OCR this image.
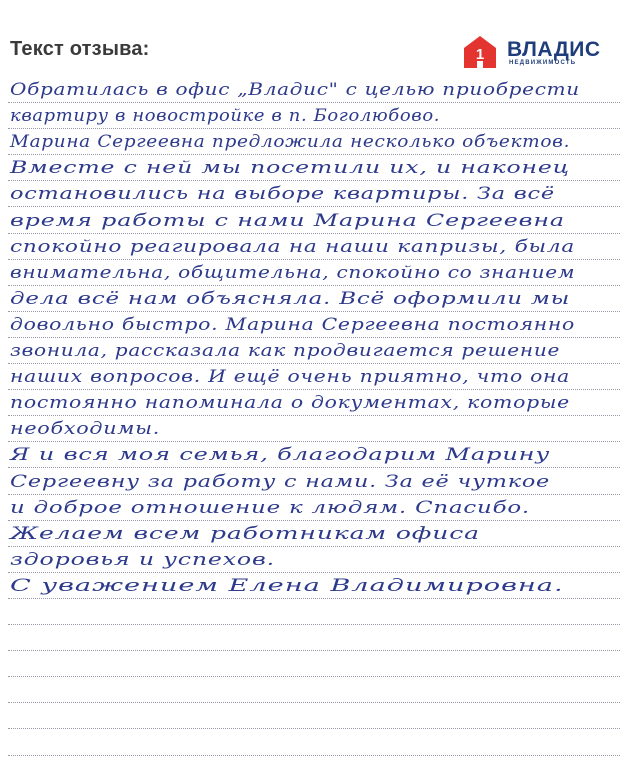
Текст отзыва:	1 ВЛАДИС
НЕДВИЖИМОСТЬ
Обратилась в офис „Владис" с целью приобрести
квартиру в новостройке в п. Боголюбово.
Марина Сергеевна предложила несколько объектов.
Вместе с ней мы посетили их, и наконец
остановились на выборе квартиры. За всё
время работы с нами Марина Сергеевна
спокойно реагировала на наши капризы, была
внимательна, общительна, спокойно со знанием
дела всё нам объясняла. Всё оформили мы
довольно быстро. Марина Сергеевна постоянно
звонила, рассказала как продвигается решение
наших вопросов. И ещё очень приятно, что она
постоянно напоминала о документах, которые
необходимы.
Я и вся моя семья, благодарим Марину
Сергеевну за работу с нами. За её чуткое
и доброе отношение к людям. Спасибо.
Желаем всем работникам офиса
здоровья и успехов.
С уважением Елена Владимировна.
